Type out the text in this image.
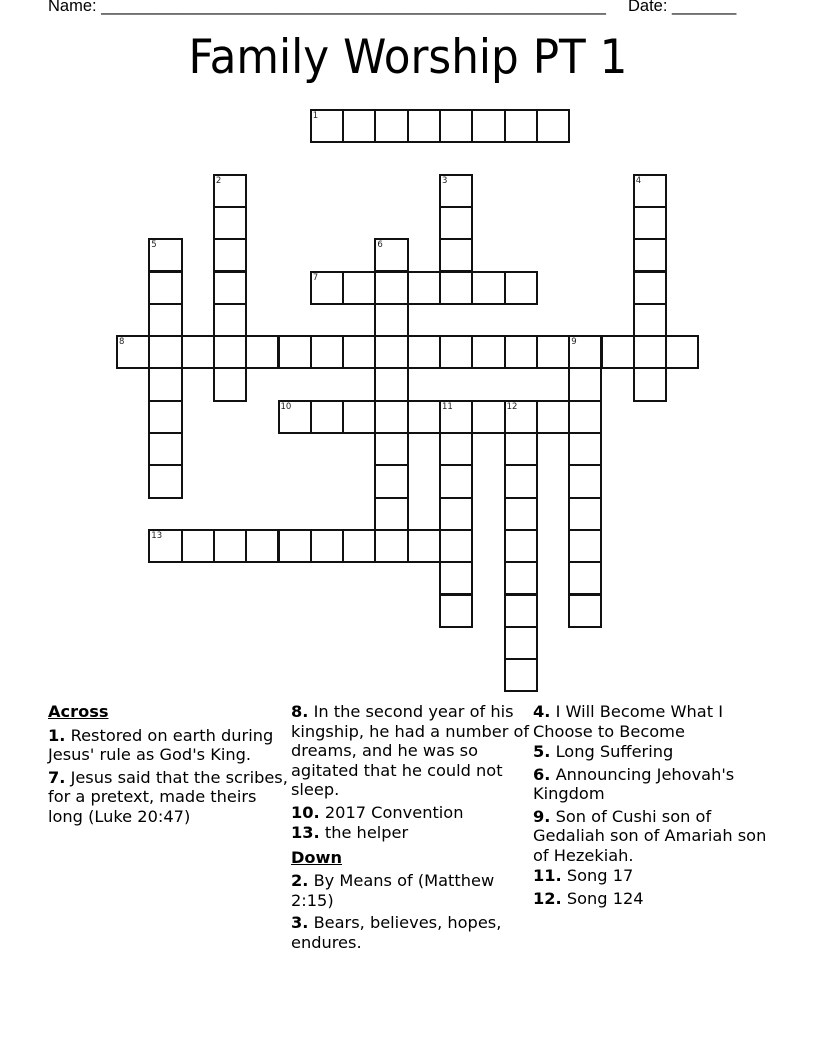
Name: _______________________________________________________ Date: _______
Family Worship PT 1
1
7
8	9
10	11	12
13
2	3	4
5	6
Across
1. Restored on earth during Jesus' rule as God's King.
7. Jesus said that the scribes, for a pretext, made theirs long (Luke 20:47)
8. In the second year of his kingship, he had a number of dreams, and he was so agitated that he could not sleep.
10. 2017 Convention
13. the helper
Down
2. By Means of (Matthew 2:15)
3. Bears, believes, hopes, endures.
4. I Will Become What I Choose to Become
5. Long Suffering
6. Announcing Jehovah's Kingdom
9. Son of Cushi son of Gedaliah son of Amariah son of Hezekiah.
11. Song 17
12. Song 124
